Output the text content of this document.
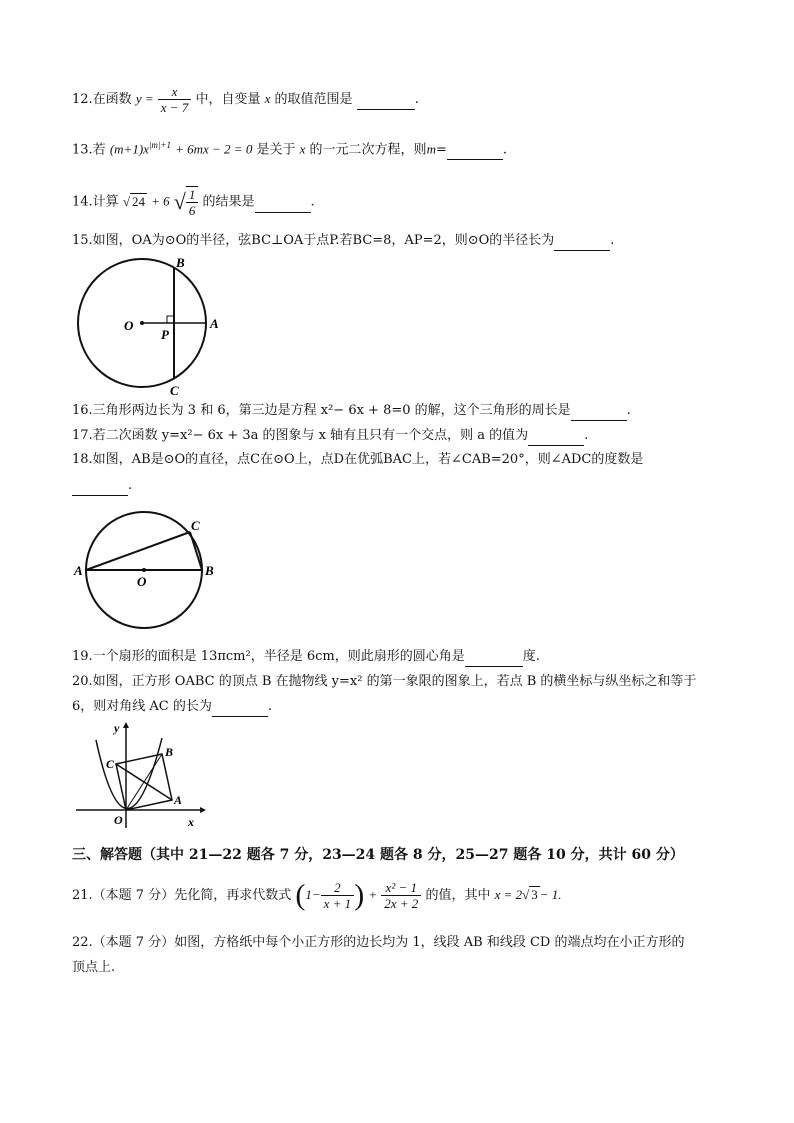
12.在函数 $y = \frac{x}{x - 7}$ 中，自变量 x 的取值范围是	.
13.若 $(m+1)x^{|m|+1} + 6mx - 2 = 0$ 是关于 x 的一元二次方程，则m=	.
14.计算 √ 24 + 6 √ $\frac{1}{6}$ 的结果是	.
15.如图，OA为⊙O的半径，弦BC⊥OA于点P.若BC=8，AP=2，则⊙O的半径长为	.
B
O
P
A
C
16.三角形两边长为 3 和 6，第三边是方程 x²− 6x + 8=0 的解，这个三角形的周长是	.
17.若二次函数 y=x²− 6x + 3a 的图象与 x 轴有且只有一个交点，则 a 的值为	.
18.如图，AB是⊙O的直径，点C在⊙O上，点D在优弧BAC上，若∠CAB=20°，则∠ADC的度数是
.
C
A
O
B
19.一个扇形的面积是 13πcm²，半径是 6cm，则此扇形的圆心角是	度.
20.如图，正方形 OABC 的顶点 B 在抛物线 y=x² 的第一象限的图象上，若点 B 的横坐标与纵坐标之和等于
6，则对角线 AC 的长为	.
y
B
C
A
O	x
三、解答题（其中 21—22 题各 7 分，23—24 题各 8 分，25—27 题各 10 分，共计 60 分）
21.（本题 7 分）先化简，再求代数式 ($1- \frac{2}{x + 1}$ ) + $\frac{\text{x² − 1}}{2x + 2}$ 的值，其中 x = 2√ 3 − 1.
22.（本题 7 分）如图，方格纸中每个小正方形的边长均为 1，线段 AB 和线段 CD 的端点均在小正方形的
顶点上.
